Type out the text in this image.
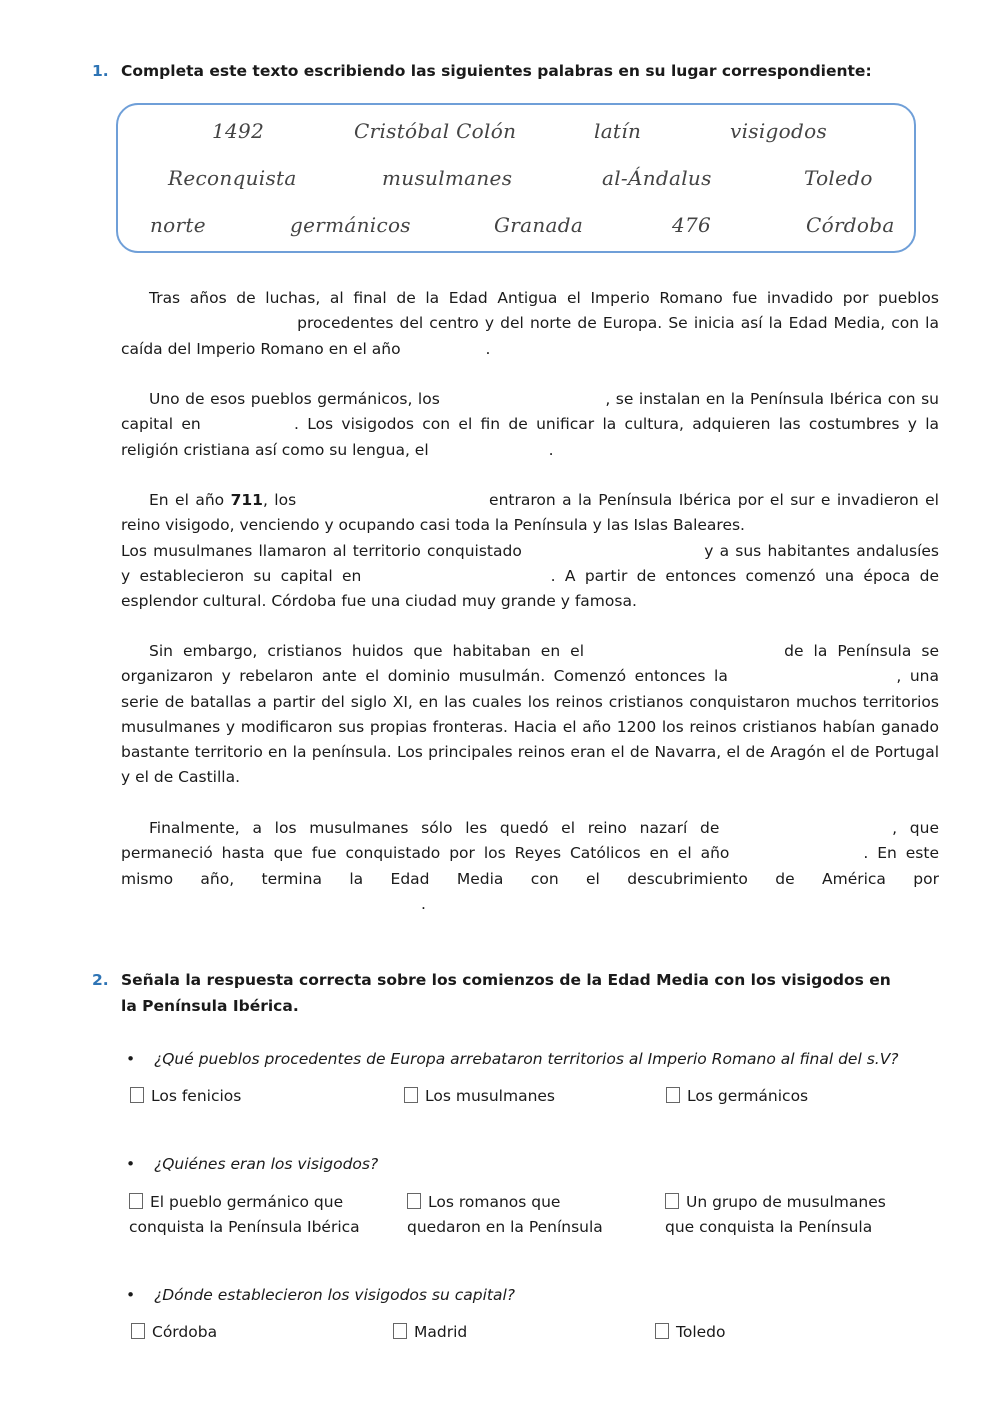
1. Completa este texto escribiendo las siguientes palabras en su lugar correspondiente:
1492	Cristóbal Colón	latín	visigodos
Reconquista	musulmanes	al-Ándalus	Toledo
norte	germánicos	Granada	476	Córdoba
Tras años de luchas, al final de la Edad Antigua el Imperio Romano fue invadido por pueblos  procedentes del centro y del norte de Europa. Se inicia así la Edad Media, con la caída del Imperio Romano en el año	.
Uno de esos pueblos germánicos, los	, se instalan en la Península Ibérica con su capital en	. Los visigodos con el fin de unificar la cultura, adquieren las costumbres y la religión cristiana así como su lengua, el	.
En el año 711, los	entraron a la Península Ibérica por el sur e invadieron el reino visigodo, venciendo y ocupando casi toda la Península y las Islas Baleares.
Los musulmanes llamaron al territorio conquistado	y a sus habitantes andalusíes y establecieron su capital en	. A partir de entonces comenzó una época de esplendor cultural. Córdoba fue una ciudad muy grande y famosa.
Sin embargo, cristianos huidos que habitaban en el	de la Península se organizaron y rebelaron ante el dominio musulmán. Comenzó entonces la	, una serie de batallas a partir del siglo XI, en las cuales los reinos cristianos conquistaron muchos territorios musulmanes y modificaron sus propias fronteras. Hacia el año 1200 los reinos cristianos habían ganado bastante territorio en la península. Los principales reinos eran el de Navarra, el de Aragón el de Portugal y el de Castilla.
Finalmente, a los musulmanes sólo les quedó el reino nazarí de	, que permaneció hasta que fue conquistado por los Reyes Católicos en el año	. En este mismo año, termina la Edad Media con el descubrimiento de América por .
2. Señala la respuesta correcta sobre los comienzos de la Edad Media con los visigodos en la Península Ibérica.
• ¿Qué pueblos procedentes de Europa arrebataron territorios al Imperio Romano al final del s.V?
Los fenicios	Los musulmanes	Los germánicos
• ¿Quiénes eran los visigodos?
El pueblo germánico que
conquista la Península Ibérica
Los romanos que
quedaron en la Península
Un grupo de musulmanes
que conquista la Península
• ¿Dónde establecieron los visigodos su capital?
Córdoba	Madrid	Toledo
